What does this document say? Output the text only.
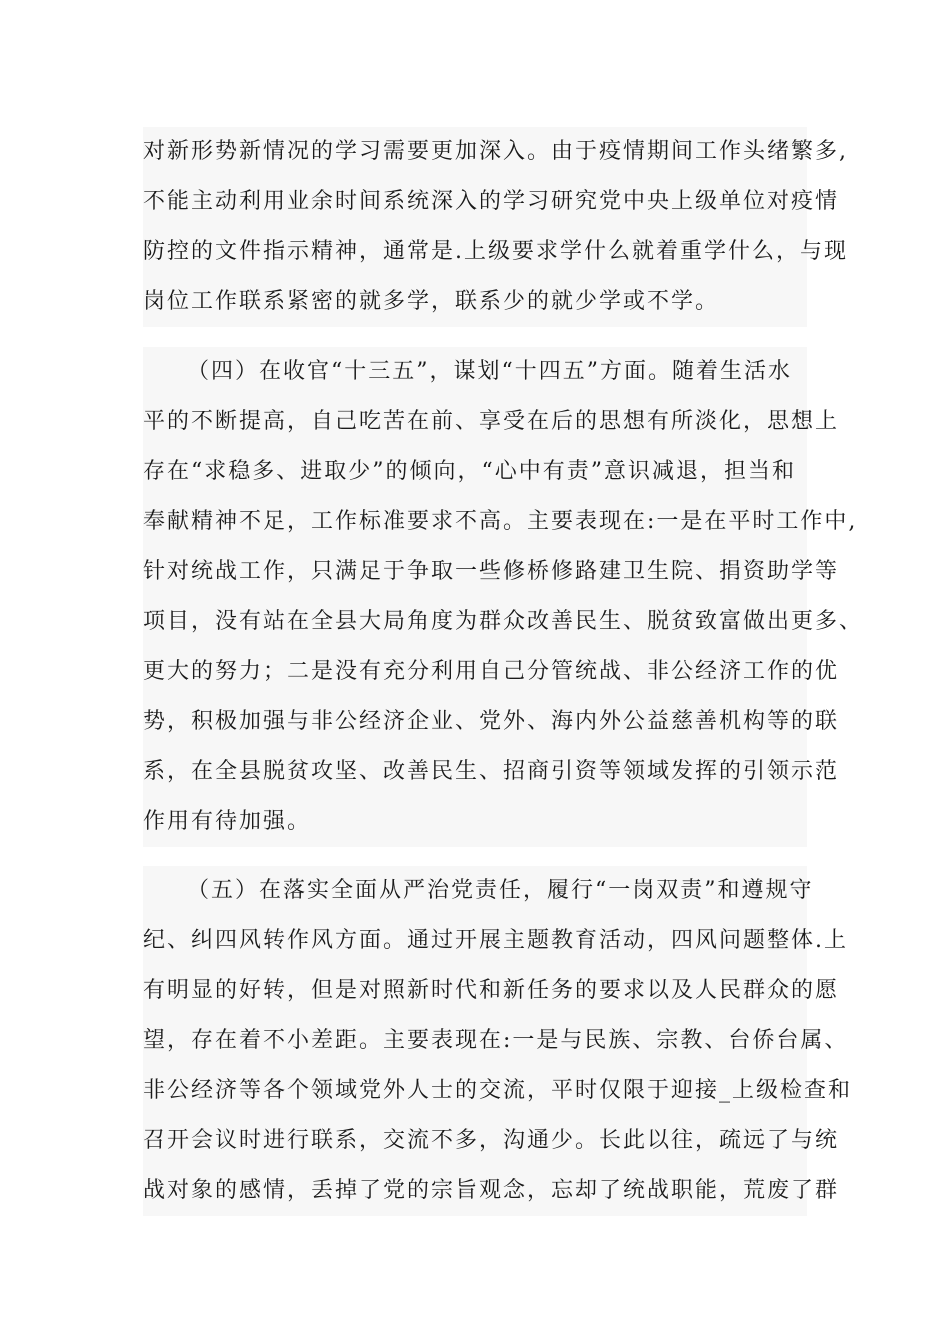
对新形势新情况的学习需要更加深入。由于疫情期间工作头绪繁多,
不能主动利用业余时间系统深入的学习研究党中央上级单位对疫情
防控的文件指示精神，通常是.上级要求学什么就着重学什么，与现
岗位工作联系紧密的就多学，联系少的就少学或不学。
（四）在收官“十三五”，谋划“十四五”方面。随着生活水
平的不断提高，自己吃苦在前、享受在后的思想有所淡化，思想上
存在“求稳多、进取少”的倾向，“心中有责”意识减退，担当和
奉献精神不足，工作标准要求不高。主要表现在:一是在平时工作中,
针对统战工作，只满足于争取一些修桥修路建卫生院、捐资助学等
项目，没有站在全县大局角度为群众改善民生、脱贫致富做出更多、
更大的努力；二是没有充分利用自己分管统战、非公经济工作的优
势，积极加强与非公经济企业、党外、海内外公益慈善机构等的联
系，在全县脱贫攻坚、改善民生、招商引资等领域发挥的引领示范
作用有待加强。
（五）在落实全面从严治党责任，履行“一岗双责”和遵规守
纪、纠四风转作风方面。通过开展主题教育活动，四风问题整体.上
有明显的好转，但是对照新时代和新任务的要求以及人民群众的愿
望，存在着不小差距。主要表现在:一是与民族、宗教、台侨台属、
非公经济等各个领域党外人士的交流，平时仅限于迎接_上级检查和
召开会议时进行联系，交流不多，沟通少。长此以往，疏远了与统
战对象的感情，丢掉了党的宗旨观念，忘却了统战职能，荒废了群
